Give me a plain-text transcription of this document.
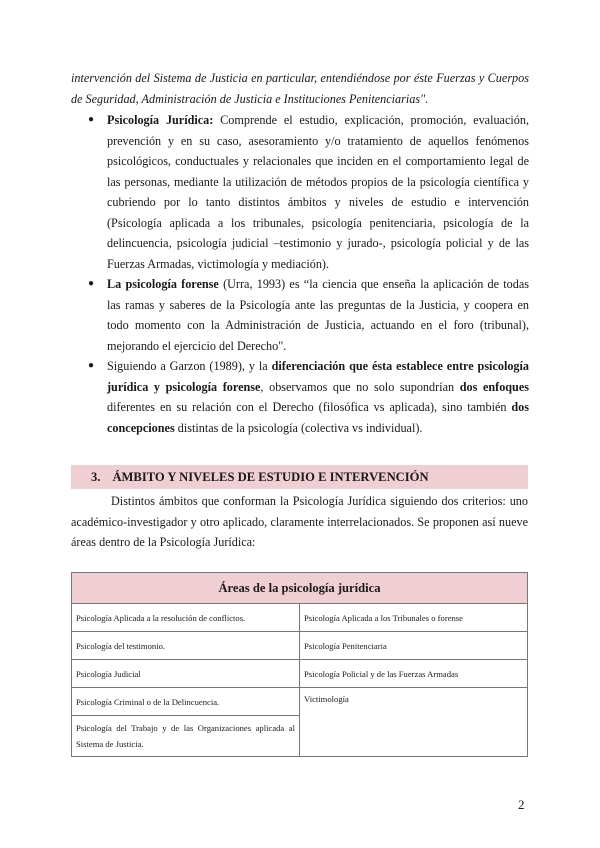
intervención del Sistema de Justicia en particular, entendiéndose por éste Fuerzas y Cuerpos de Seguridad, Administración de Justicia e Instituciones Penitenciarias".
● Psicología Jurídica: Comprende el estudio, explicación, promoción, evaluación, prevención y en su caso, asesoramiento y/o tratamiento de aquellos fenómenos psicológicos, conductuales y relacionales que inciden en el comportamiento legal de las personas, mediante la utilización de métodos propios de la psicología científica y cubriendo por lo tanto distintos ámbitos y niveles de estudio e intervención (Psicología aplicada a los tribunales, psicología penitenciaria, psicología de la delincuencia, psicología judicial –testimonio y jurado-, psicología policial y de las Fuerzas Armadas, victimología y mediación).
● La psicología forense (Urra, 1993) es “la ciencia que enseña la aplicación de todas las ramas y saberes de la Psicología ante las preguntas de la Justicia, y coopera en todo momento con la Administración de Justicia, actuando en el foro (tribunal), mejorando el ejercicio del Derecho".
● Siguiendo a Garzon (1989), y la diferenciación que ésta establece entre psicología jurídica y psicología forense, observamos que no solo supondrían dos enfoques diferentes en su relación con el Derecho (filosófica vs aplicada), sino también dos concepciones distintas de la psicología (colectiva vs individual).
3. ÁMBITO Y NIVELES DE ESTUDIO E INTERVENCIÓN
Distintos ámbitos que conforman la Psicología Jurídica siguiendo dos criterios: uno académico-investigador y otro aplicado, claramente interrelacionados. Se proponen así nueve áreas dentro de la Psicología Jurídica:
Áreas de la psicología jurídica	
Psicología Aplicada a la resolución de conflictos.	Psicología Aplicada a los Tribunales o forense
Psicología del testimonio.	Psicología Penitenciaria
Psicología Judicial	Psicología Policial y de las Fuerzas Armadas
Psicología Criminal o de la Delincuencia.	Victimología
Psicología del Trabajo y de las Organizaciones aplicada al Sistema de Justicia.	
2
